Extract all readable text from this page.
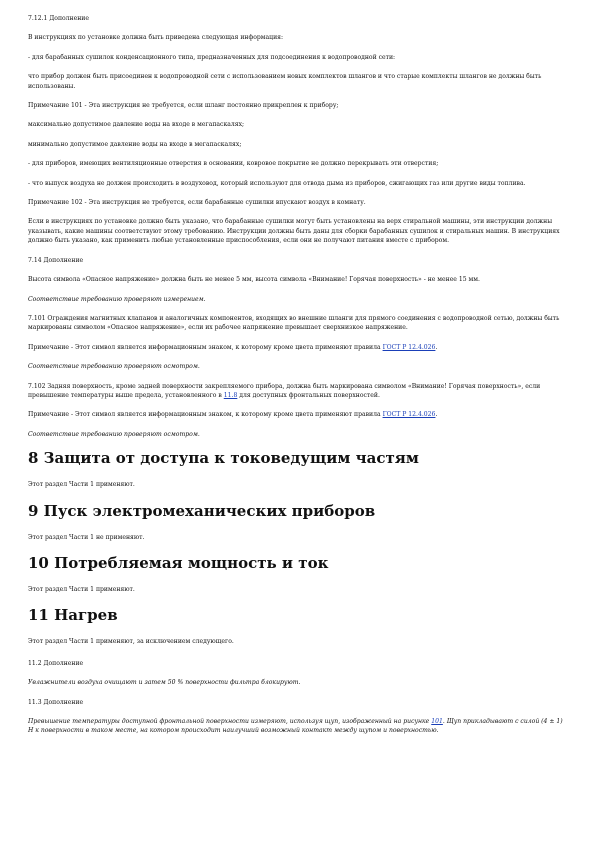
7.12.1 Дополнение

В инструкциях по установке должна быть приведена следующая информация:

- для барабанных сушилок конденсационного типа, предназначенных для подсоединения к водопроводной сети:

что прибор должен быть присоединен к водопроводной сети с использованием новых комплектов шлангов и что старые комплекты шлангов не должны быть использованы.

Примечание 101 - Эта инструкция не требуется, если шланг постоянно прикреплен к прибору;

максимально допустимое давление воды на входе в мегапаскалях;

минимально допустимое давление воды на входе в мегапаскалях;

- для приборов, имеющих вентиляционные отверстия в основании, ковровое покрытие не должно перекрывать эти отверстия;

- что выпуск воздуха не должен происходить в воздуховод, который используют для отвода дыма из приборов, сжигающих газ или другие виды топлива.

Примечание 102 - Эта инструкция не требуется, если барабанные сушилки впускают воздух в комнату.

Если в инструкциях по установке должно быть указано, что барабанные сушилки могут быть установлены на верх стиральной машины, эти инструкции должны указывать, какие машины соответствуют этому требованию. Инструкции должны быть даны для сборки барабанных сушилок и стиральных машин. В инструкциях должно быть указано, как применить любые установленные приспособления, если они не получают питания вместе с прибором.

7.14 Дополнение

Высота символа «Опасное напряжение» должна быть не менее 5 мм, высота символа «Внимание! Горячая поверхность» - не менее 15 мм.

Соответствие требованию проверяют измерением.

7.101 Ограждения магнитных клапанов и аналогичных компонентов, входящих во внешние шланги для прямого соединения с водопроводной сетью, должны быть маркированы символом «Опасное напряжение», если их рабочее напряжение превышает сверхнизкое напряжение.

Примечание - Этот символ является информационным знаком, к которому кроме цвета применяют правила ГОСТ Р 12.4.026.

Соответствие требованию проверяют осмотром.

7.102 Задняя поверхность, кроме задней поверхности закрепляемого прибора, должна быть маркирована символом «Внимание! Горячая поверхность», если превышение температуры выше предела, установленного в 11.8 для доступных фронтальных поверхностей.

Примечание - Этот символ является информационным знаком, к которому кроме цвета применяют правила ГОСТ Р 12.4.026.

Соответствие требованию проверяют осмотром.

8 Защита от доступа к токоведущим частям

Этот раздел Части 1 применяют.

9 Пуск электромеханических приборов

Этот раздел Части 1 не применяют.

10 Потребляемая мощность и ток

Этот раздел Части 1 применяют.

11 Нагрев

Этот раздел Части 1 применяют, за исключением следующего.

11.2 Дополнение

Увлажнители воздуха очищают и затем 50 % поверхности фильтра блокируют.

11.3 Дополнение

Превышение температуры доступной фронтальной поверхности измеряют, используя щуп, изображенный на рисунке 101. Щуп прикладывают с силой (4 ± 1) Н к поверхности в таком месте, на котором происходит наилучший возможный контакт между щупом и поверхностью.
